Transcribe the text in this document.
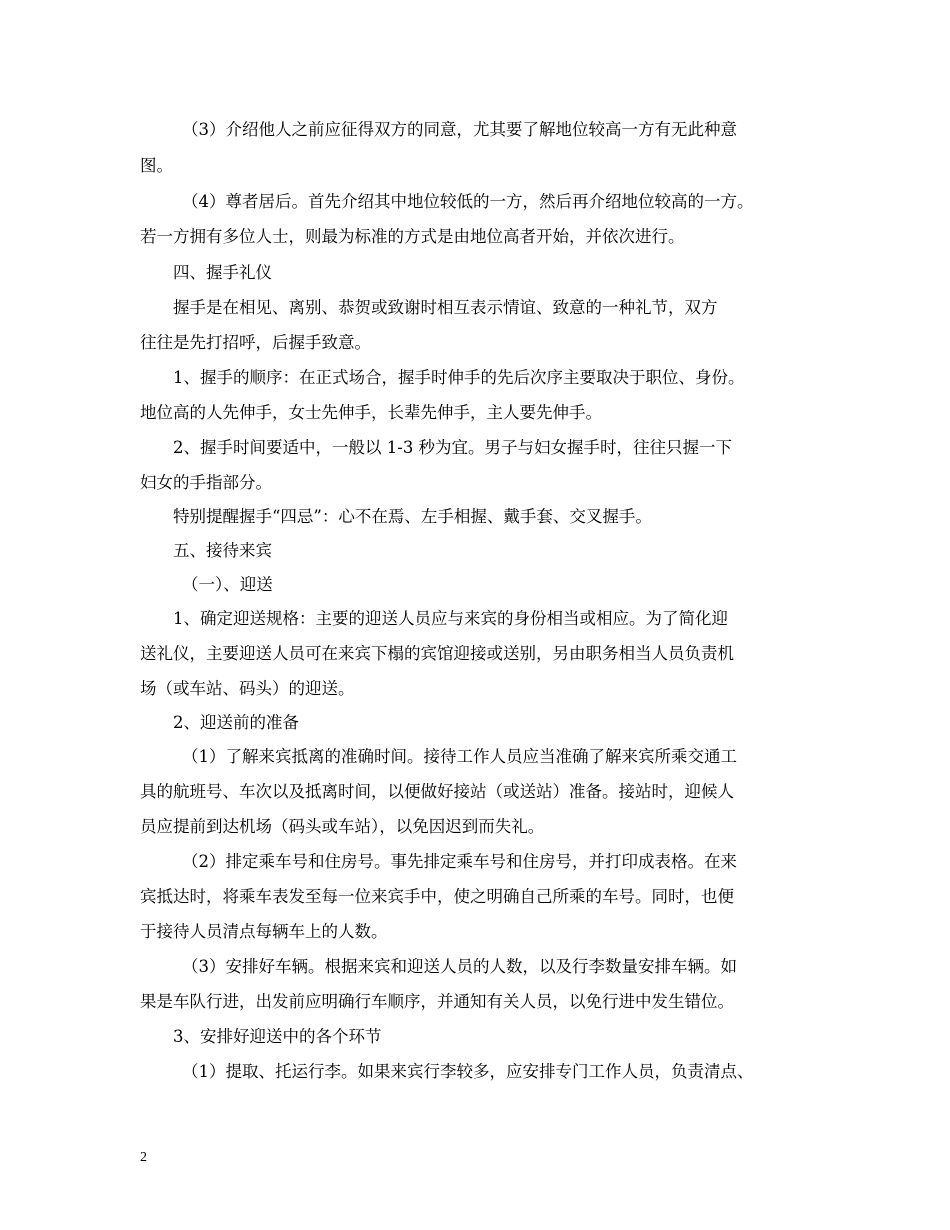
（3）介绍他人之前应征得双方的同意，尤其要了解地位较高一方有无此种意
图。
（4）尊者居后。首先介绍其中地位较低的一方，然后再介绍地位较高的一方。
若一方拥有多位人士，则最为标准的方式是由地位高者开始，并依次进行。
四、握手礼仪
握手是在相见、离别、恭贺或致谢时相互表示情谊、致意的一种礼节，双方
往往是先打招呼，后握手致意。
1、握手的顺序：在正式场合，握手时伸手的先后次序主要取决于职位、身份。
地位高的人先伸手，女士先伸手，长辈先伸手，主人要先伸手。
2、握手时间要适中，一般以 1-3 秒为宜。男子与妇女握手时，往往只握一下
妇女的手指部分。
特别提醒握手“四忌”：心不在焉、左手相握、戴手套、交叉握手。
五、接待来宾
（一）、迎送
1、确定迎送规格：主要的迎送人员应与来宾的身份相当或相应。为了简化迎
送礼仪，主要迎送人员可在来宾下榻的宾馆迎接或送别，另由职务相当人员负责机
场（或车站、码头）的迎送。
2、迎送前的准备
（1）了解来宾抵离的准确时间。接待工作人员应当准确了解来宾所乘交通工
具的航班号、车次以及抵离时间，以便做好接站（或送站）准备。接站时，迎候人
员应提前到达机场（码头或车站），以免因迟到而失礼。
（2）排定乘车号和住房号。事先排定乘车号和住房号，并打印成表格。在来
宾抵达时，将乘车表发至每一位来宾手中，使之明确自己所乘的车号。同时，也便
于接待人员清点每辆车上的人数。
（3）安排好车辆。根据来宾和迎送人员的人数，以及行李数量安排车辆。如
果是车队行进，出发前应明确行车顺序，并通知有关人员，以免行进中发生错位。
3、安排好迎送中的各个环节
（1）提取、托运行李。如果来宾行李较多，应安排专门工作人员，负责清点、
2
